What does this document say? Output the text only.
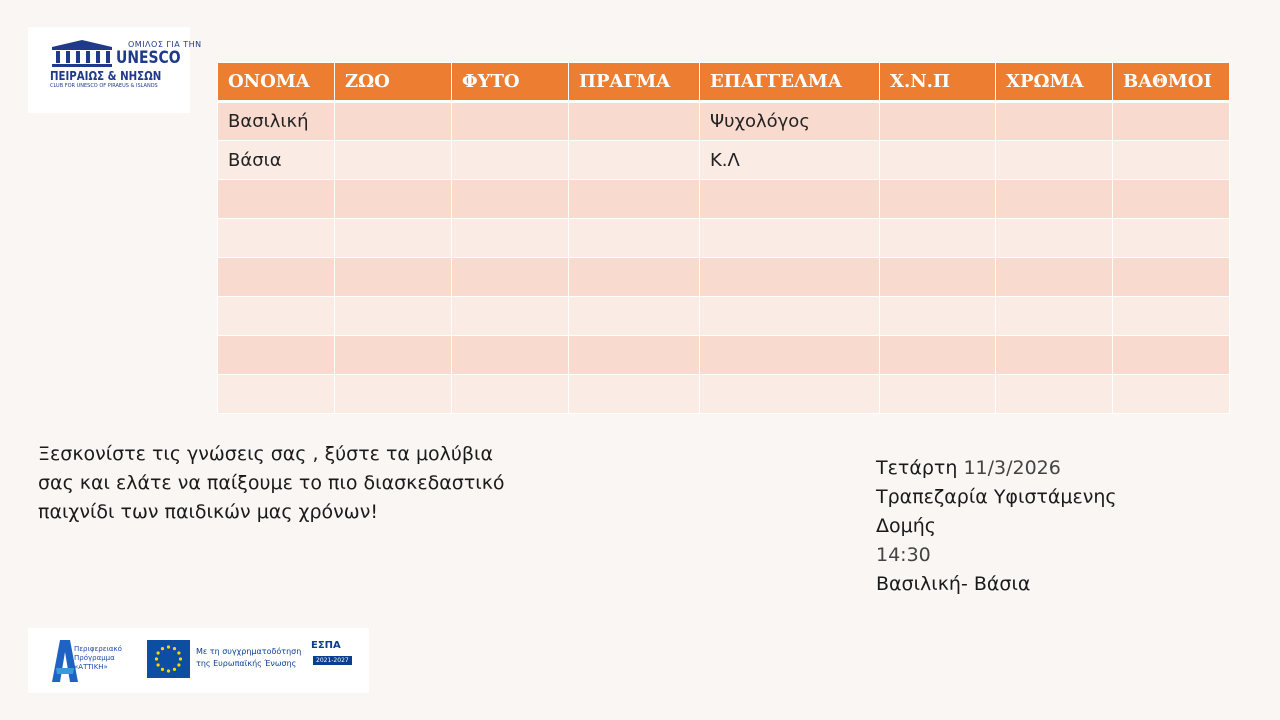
ΟΜΙΛΟΣ ΓΙΑ ΤΗΝ
UNESCO
ΠΕΙΡΑΙΩΣ & ΝΗΣΩΝ
CLUB FOR UNESCO OF PIRAEUS & ISLANDS	ΟΝΟΜΑ	ΖΩΟ	ΦΥΤΟ	ΠΡΑΓΜΑ	ΕΠΑΓΓΕΛΜΑ	Χ.Ν.Π	ΧΡΩΜΑ	ΒΑΘΜΟΙ
Βασιλική				Ψυχολόγος			
Βάσια				Κ.Λ			

Ξεσκονίστε τις γνώσεις σας , ξύστε τα μολύβια σας και ελάτε να παίξουμε το πιο διασκεδαστικό παιχνίδι των παιδικών μας χρόνων!
Τετάρτη 11/3/2026
Τραπεζαρία Υφιστάμενης Δομής
14:30
Βασιλική- Βάσια
Περιφερειακό
Πρόγραμμα
«ΑΤΤΙΚΗ»
Με τη συγχρηματοδότηση
της Ευρωπαϊκής Ένωσης
ΕΣΠΑ
2021-2027
